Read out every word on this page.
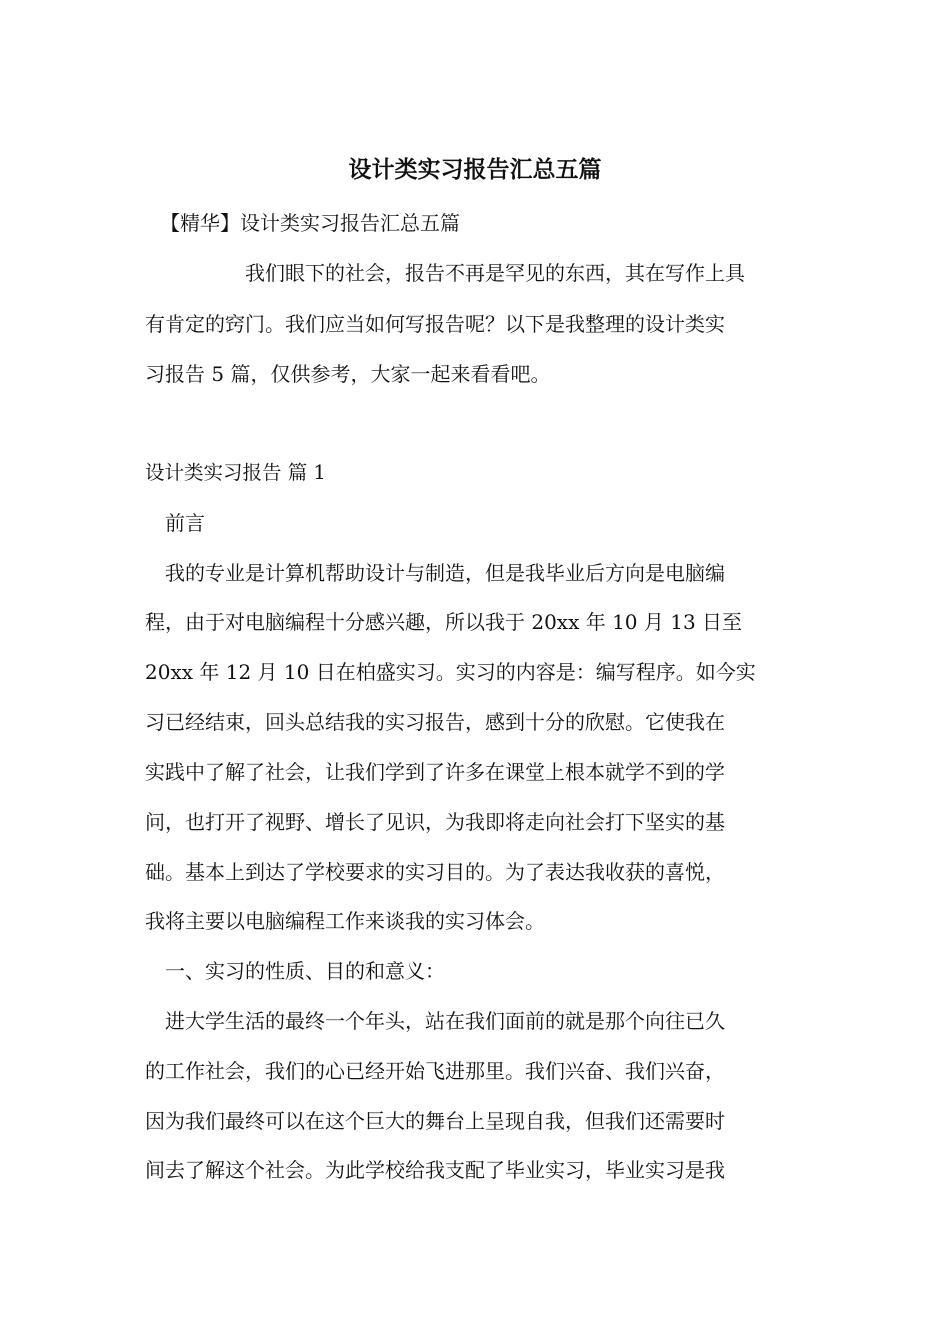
设计类实习报告汇总五篇

【精华】设计类实习报告汇总五篇

我们眼下的社会，报告不再是罕见的东西，其在写作上具

有肯定的窍门。我们应当如何写报告呢？以下是我整理的设计类实

习报告 5 篇，仅供参考，大家一起来看看吧。

设计类实习报告 篇 1

前言

我的专业是计算机帮助设计与制造，但是我毕业后方向是电脑编

程，由于对电脑编程十分感兴趣，所以我于 20xx 年 10 月 13 日至

20xx 年 12 月 10 日在柏盛实习。实习的内容是：编写程序。如今实

习已经结束，回头总结我的实习报告，感到十分的欣慰。它使我在

实践中了解了社会，让我们学到了许多在课堂上根本就学不到的学

问，也打开了视野、增长了见识，为我即将走向社会打下坚实的基

础。基本上到达了学校要求的实习目的。为了表达我收获的喜悦，

我将主要以电脑编程工作来谈我的实习体会。

一、实习的性质、目的和意义：

进大学生活的最终一个年头，站在我们面前的就是那个向往已久

的工作社会，我们的心已经开始飞进那里。我们兴奋、我们兴奋，

因为我们最终可以在这个巨大的舞台上呈现自我，但我们还需要时

间去了解这个社会。为此学校给我支配了毕业实习，毕业实习是我
